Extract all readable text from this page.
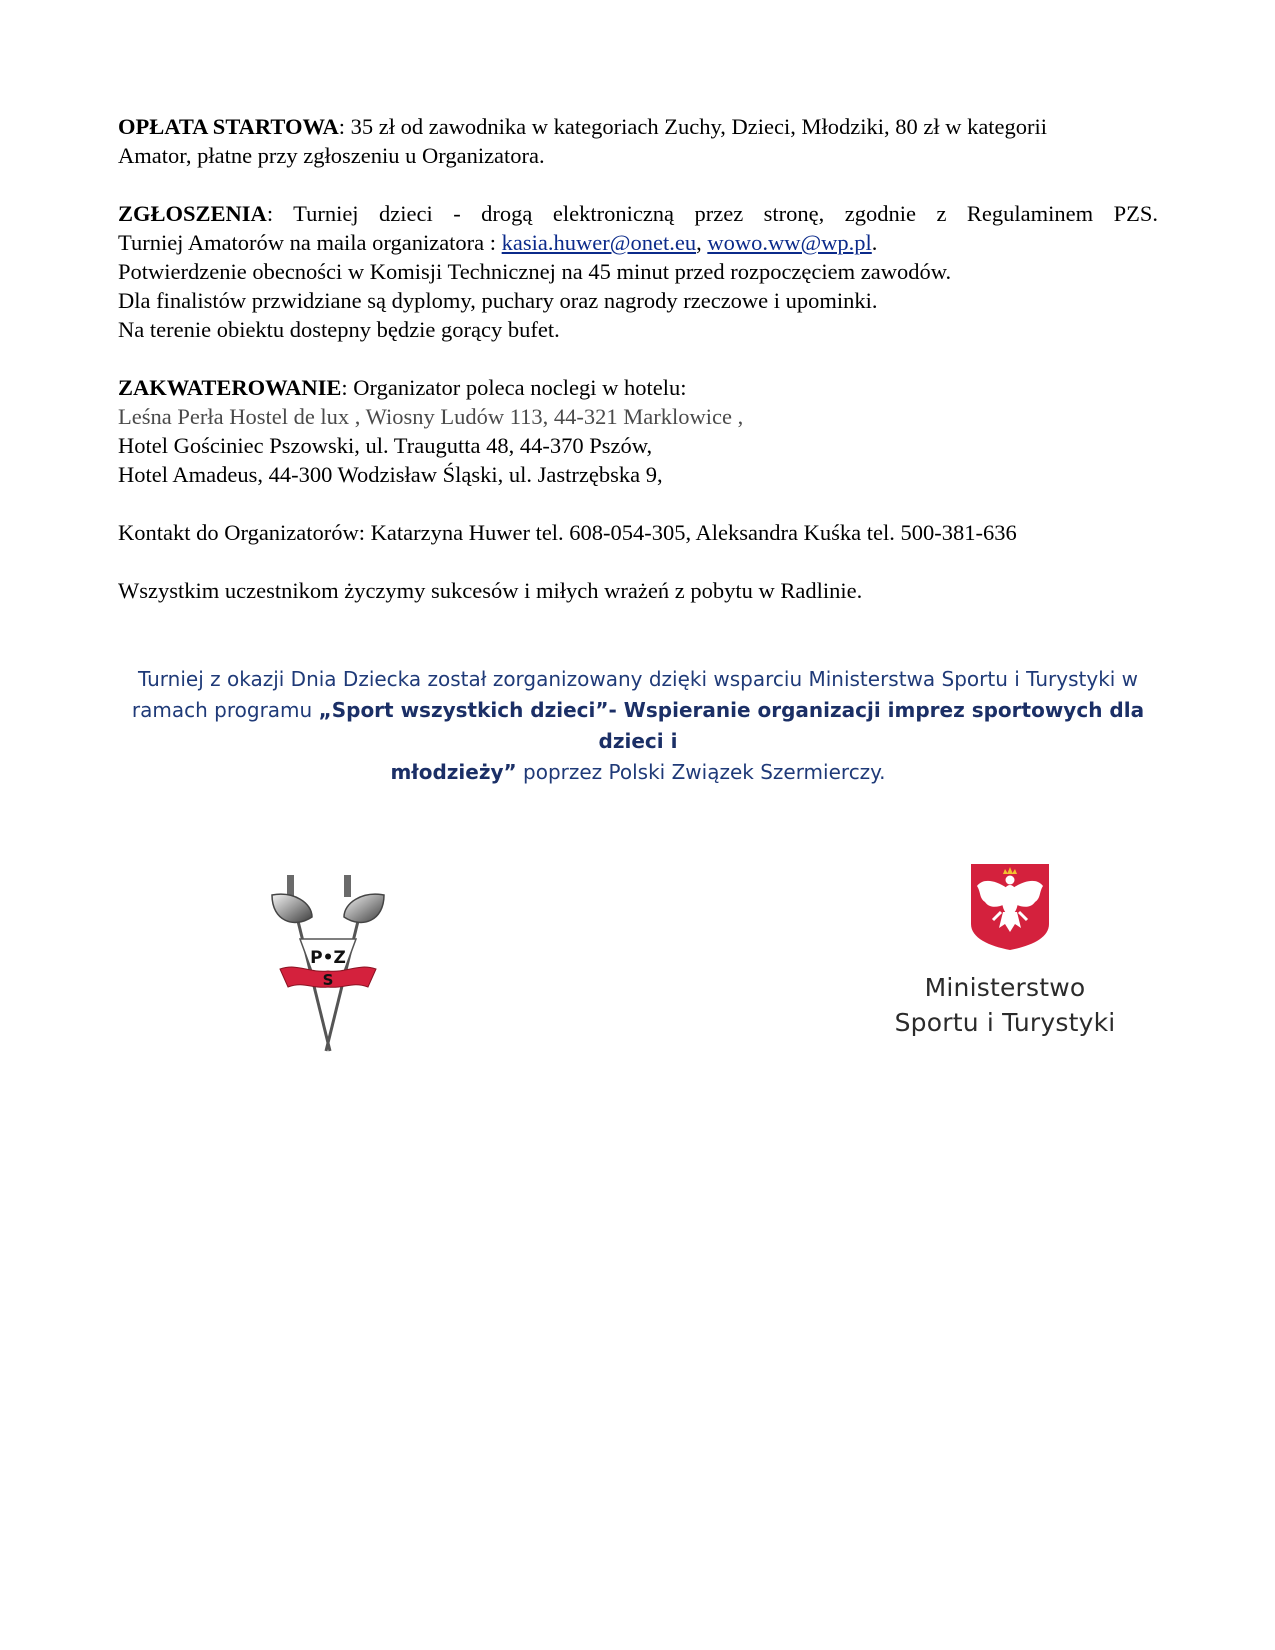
OPŁATA STARTOWA: 35 zł od zawodnika w kategoriach Zuchy, Dzieci, Młodziki, 80 zł w kategorii
Amator, płatne przy zgłoszeniu u Organizatora.

ZGŁOSZENIA: Turniej dzieci - drogą elektroniczną przez stronę, zgodnie z Regulaminem PZS.
Turniej Amatorów na maila organizatora : kasia.huwer@onet.eu, wowo.ww@wp.pl.
Potwierdzenie obecności w Komisji Technicznej na 45 minut przed rozpoczęciem zawodów.
Dla finalistów przwidziane są dyplomy, puchary oraz nagrody rzeczowe i upominki.
Na terenie obiektu dostepny będzie gorący bufet.

ZAKWATEROWANIE: Organizator poleca noclegi w hotelu:
Leśna Perła Hostel de lux , Wiosny Ludów 113, 44-321 Marklowice ,
Hotel Gościniec Pszowski, ul. Traugutta 48, 44-370 Pszów,
Hotel Amadeus, 44-300 Wodzisław Śląski, ul. Jastrzębska 9,

Kontakt do Organizatorów: Katarzyna Huwer tel. 608-054-305, Aleksandra Kuśka tel. 500-381-636

Wszystkim uczestnikom życzymy sukcesów i miłych wrażeń z pobytu w Radlinie.

Turniej z okazji Dnia Dziecka został zorganizowany dzięki wsparciu Ministerstwa Sportu i Turystyki w
ramach programu „Sport wszystkich dzieci”- Wspieranie organizacji imprez sportowych dla dzieci i
młodzieży” poprzez Polski Związek Szermierczy.
P•Z
S	Ministerstwo
Sportu i Turystyki
